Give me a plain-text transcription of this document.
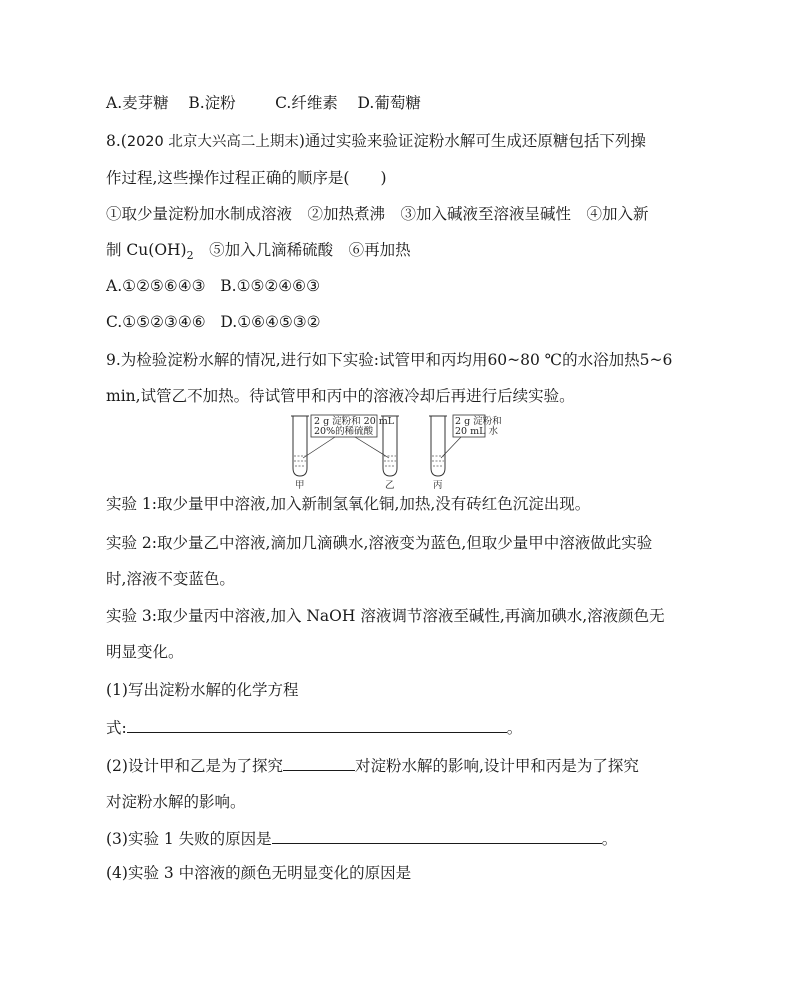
A.麦芽糖 B.淀粉	C.纤维素 D.葡萄糖
8.(2020 北京大兴高二上期末)通过实验来验证淀粉水解可生成还原糖包括下列操
作过程,这些操作过程正确的顺序是(　　)
①取少量淀粉加水制成溶液　②加热煮沸　③加入碱液至溶液呈碱性　④加入新
制 $Cu(OH)_2$　⑤加入几滴稀硫酸　⑥再加热
A.①②⑤⑥④③ B.①⑤②④⑥③
C.①⑤②③④⑥ D.①⑥④⑤③②
9.为检验淀粉水解的情况,进行如下实验:试管甲和丙均用60~80 ℃的水浴加热5~6
min,试管乙不加热。待试管甲和丙中的溶液冷却后再进行后续实验。
2 g 淀粉和 20 mL
20%的稀硫酸
2 g 淀粉和
20 mL 水
甲	乙	丙
实验 1:取少量甲中溶液,加入新制氢氧化铜,加热,没有砖红色沉淀出现。
实验 2:取少量乙中溶液,滴加几滴碘水,溶液变为蓝色,但取少量甲中溶液做此实验
时,溶液不变蓝色。
实验 3:取少量丙中溶液,加入 NaOH 溶液调节溶液至碱性,再滴加碘水,溶液颜色无
明显变化。
(1)写出淀粉水解的化学方程
式:	。
(2)设计甲和乙是为了探究	对淀粉水解的影响,设计甲和丙是为了探究
对淀粉水解的影响。
(3)实验 1 失败的原因是	。
(4)实验 3 中溶液的颜色无明显变化的原因是
